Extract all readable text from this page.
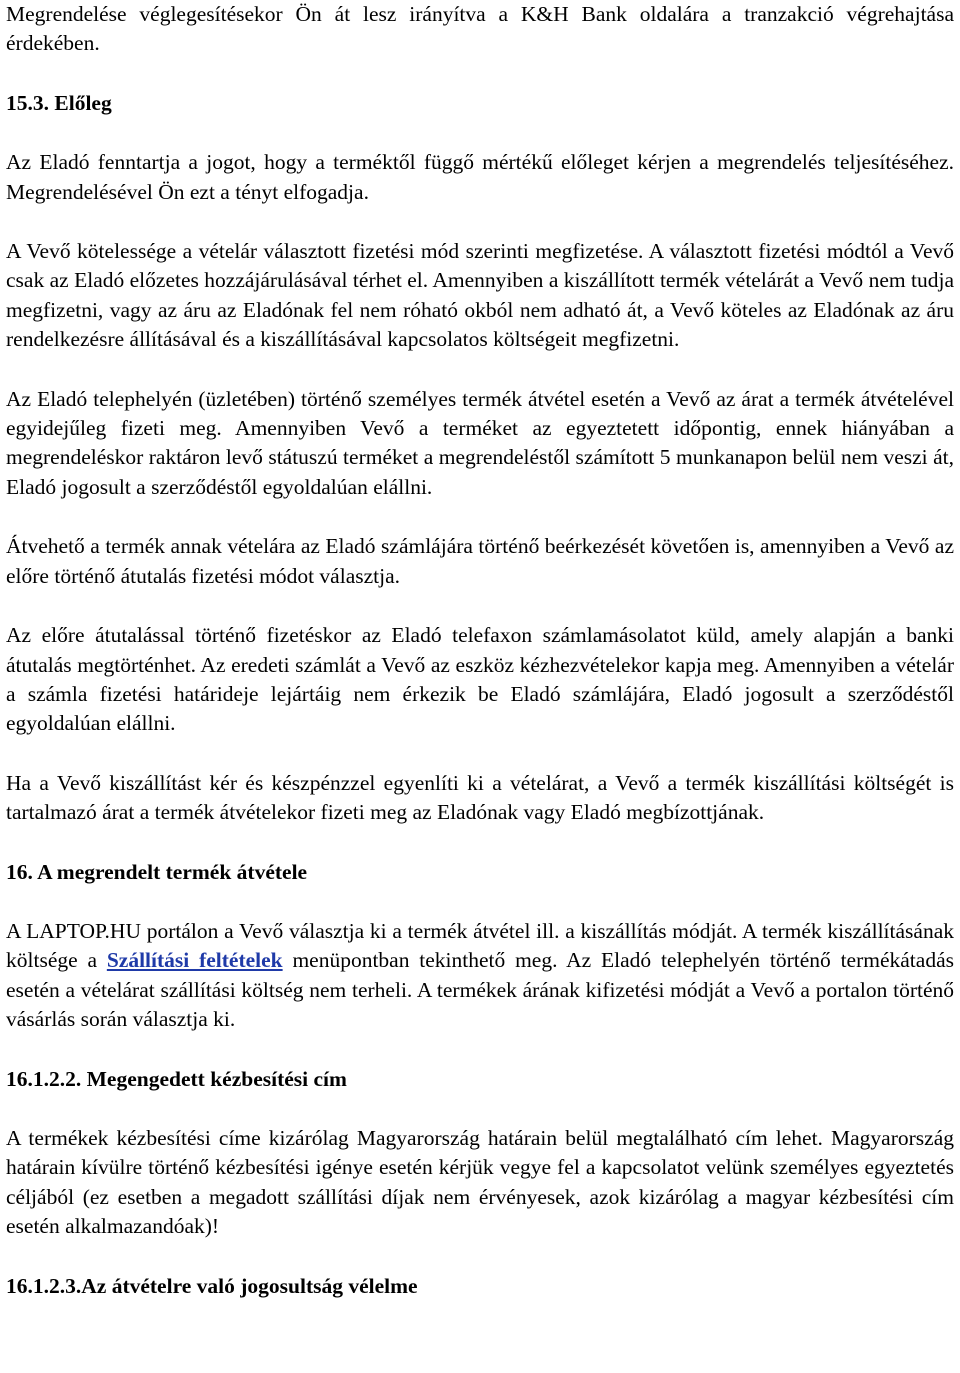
Megrendelése véglegesítésekor Ön át lesz irányítva a K&H Bank oldalára a tranzakció végrehajtása érdekében.

15.3. Előleg

Az Eladó fenntartja a jogot, hogy a terméktől függő mértékű előleget kérjen a megrendelés teljesítéséhez. Megrendelésével Ön ezt a tényt elfogadja.

A Vevő kötelessége a vételár választott fizetési mód szerinti megfizetése. A választott fizetési módtól a Vevő csak az Eladó előzetes hozzájárulásával térhet el. Amennyiben a kiszállított termék vételárát a Vevő nem tudja megfizetni, vagy az áru az Eladónak fel nem róható okból nem adható át, a Vevő köteles az Eladónak az áru rendelkezésre állításával és a kiszállításával kapcsolatos költségeit megfizetni.

Az Eladó telephelyén (üzletében) történő személyes termék átvétel esetén a Vevő az árat a termék átvételével egyidejűleg fizeti meg. Amennyiben Vevő a terméket az egyeztetett időpontig, ennek hiányában a megrendeléskor raktáron levő státuszú terméket a megrendeléstől számított 5 munkanapon belül nem veszi át, Eladó jogosult a szerződéstől egyoldalúan elállni.

Átvehető a termék annak vételára az Eladó számlájára történő beérkezését követően is, amennyiben a Vevő az előre történő átutalás fizetési módot választja.

Az előre átutalással történő fizetéskor az Eladó telefaxon számlamásolatot küld, amely alapján a banki átutalás megtörténhet. Az eredeti számlát a Vevő az eszköz kézhezvételekor kapja meg. Amennyiben a vételár a számla fizetési határideje lejártáig nem érkezik be Eladó számlájára, Eladó jogosult a szerződéstől egyoldalúan elállni.

Ha a Vevő kiszállítást kér és készpénzzel egyenlíti ki a vételárat, a Vevő a termék kiszállítási költségét is tartalmazó árat a termék átvételekor fizeti meg az Eladónak vagy Eladó megbízottjának.

16. A megrendelt termék átvétele

A LAPTOP.HU portálon a Vevő választja ki a termék átvétel ill. a kiszállítás módját. A termék kiszállításának költsége a Szállítási feltételek menüpontban tekinthető meg. Az Eladó telephelyén történő termékátadás esetén a vételárat szállítási költség nem terheli. A termékek árának kifizetési módját a Vevő a portalon történő vásárlás során választja ki.

16.1.2.2. Megengedett kézbesítési cím

A termékek kézbesítési címe kizárólag Magyarország határain belül megtalálható cím lehet. Magyarország határain kívülre történő kézbesítési igénye esetén kérjük vegye fel a kapcsolatot velünk személyes egyeztetés céljából (ez esetben a megadott szállítási díjak nem érvényesek, azok kizárólag a magyar kézbesítési cím esetén alkalmazandóak)!

16.1.2.3.Az átvételre való jogosultság vélelme
